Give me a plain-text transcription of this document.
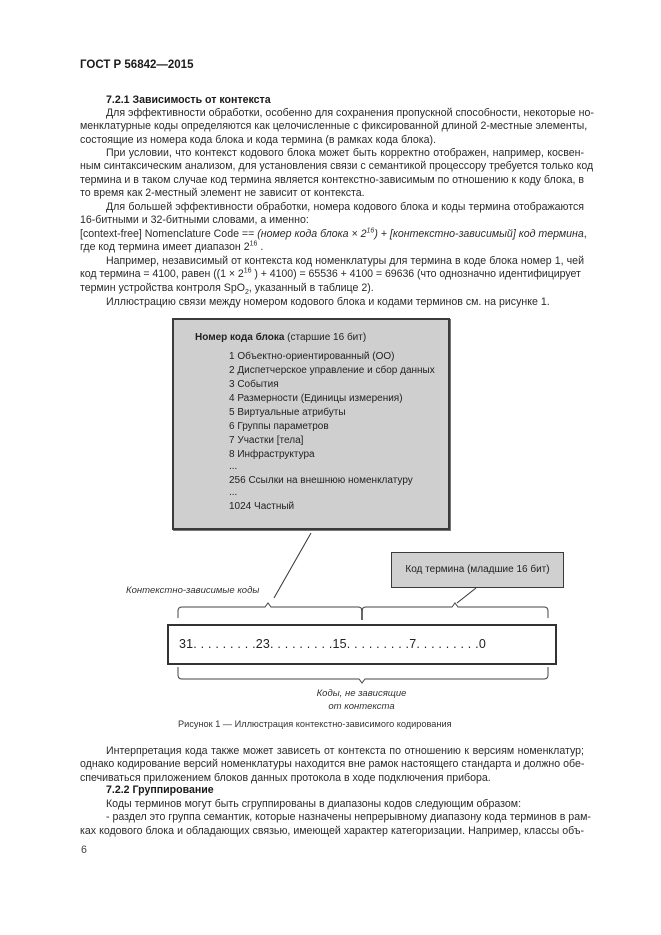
ГОСТ Р 56842—2015
7.2.1 Зависимость от контекста
Для эффективности обработки, особенно для сохранения пропускной способности, некоторые но-
менклатурные коды определяются как целочисленные с фиксированной длиной 2-местные элементы,
состоящие из номера кода блока и кода термина (в рамках кода блока).
При условии, что контекст кодового блока может быть корректно отображен, например, косвен-
ным синтаксическим анализом, для установления связи с семантикой процессору требуется только код
термина и в таком случае код термина является контекстно-зависимым по отношению к коду блока, в
то время как 2-местный элемент не зависит от контекста.
Для большей эффективности обработки, номера кодового блока и коды термина отображаются
16-битными и 32-битными словами, а именно:
[context-free] Nomenclature Code == (номер кода блока × $2^{16}$) + [контекстно-зависимый] код термина,
где код термина имеет диапазон $2^{16}$ .
Например, независимый от контекста код номенклатуры для термина в коде блока номер 1, чей
код термина = 4100, равен (($1 \times 2^{16}$ ) + 4100) = 65536 + 4100 = 69636 (что однозначно идентифицирует
термин устройства контроля SpO$_2$, указанный в таблице 2).
Иллюстрацию связи между номером кодового блока и кодами терминов см. на рисунке 1.
Номер кода блока (старшие 16 бит)
1 Объектно-ориентированный (ОО)
2 Диспетчерское управление и сбор данных
3 События
4 Размерности (Единицы измерения)
5 Виртуальные атрибуты
6 Группы параметров
7 Участки [тела]
8 Инфраструктура
...
256 Ссылки на внешнюю номенклатуру
...
1024 Частный
Код термина (младшие 16 бит)
Контекстно-зависимые коды
31. . . . . . . . .23. . . . . . . . .15. . . . . . . . .7. . . . . . . . .0
Коды, не зависящие
от контекста
Рисунок 1 — Иллюстрация контекстно-зависимого кодирования
Интерпретация кода также может зависеть от контекста по отношению к версиям номенклатур;
однако кодирование версий номенклатуры находится вне рамок настоящего стандарта и должно обе-
спечиваться приложением блоков данных протокола в ходе подключения прибора.
7.2.2 Группирование
Коды терминов могут быть сгруппированы в диапазоны кодов следующим образом:
- раздел это группа семантик, которые назначены непрерывному диапазону кода терминов в рам-
ках кодового блока и обладающих связью, имеющей характер категоризации. Например, классы объ-
6
